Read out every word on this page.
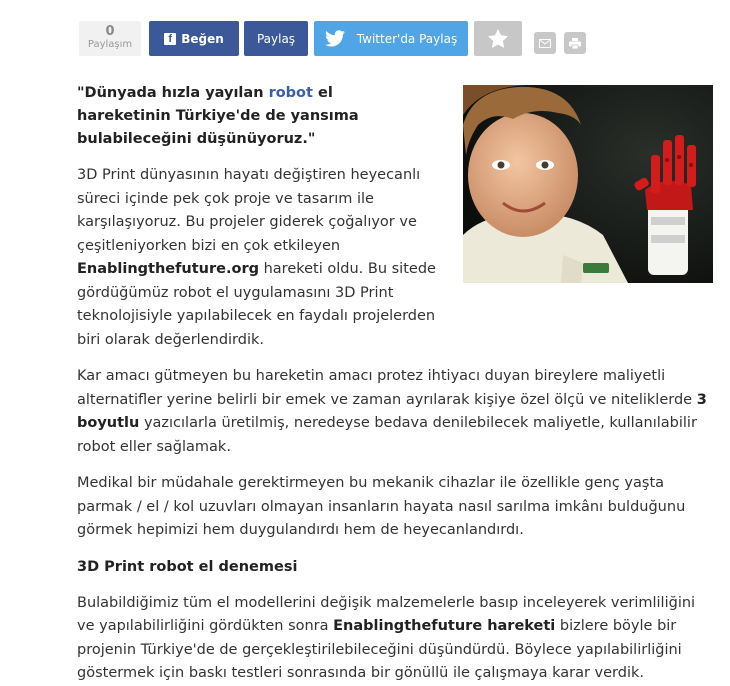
0
Paylaşım	f Beğen	Paylaş	Twitter'da Paylaş

"Dünyada hızla yayılan robot el hareketinin Türkiye'de de yansıma bulabileceğini düşünüyoruz."

3D Print dünyasının hayatı değiştiren heyecanlı süreci içinde pek çok proje ve tasarım ile karşılaşıyoruz. Bu projeler giderek çoğalıyor ve çeşitleniyorken bizi en çok etkileyen Enablingthefuture.org hareketi oldu. Bu sitede gördüğümüz robot el uygulamasını 3D Print teknolojisiyle yapılabilecek en faydalı projelerden biri olarak değerlendirdik.

Kar amacı gütmeyen bu hareketin amacı protez ihtiyacı duyan bireylere maliyetli alternatifler yerine belirli bir emek ve zaman ayrılarak kişiye özel ölçü ve niteliklerde 3 boyutlu yazıcılarla üretilmiş, neredeyse bedava denilebilecek maliyetle, kullanılabilir robot eller sağlamak.

Medikal bir müdahale gerektirmeyen bu mekanik cihazlar ile özellikle genç yaşta parmak / el / kol uzuvları olmayan insanların hayata nasıl sarılma imkânı bulduğunu görmek hepimizi hem duygulandırdı hem de heyecanlandırdı.

3D Print robot el denemesi

Bulabildiğimiz tüm el modellerini değişik malzemelerle basıp inceleyerek verimliliğini ve yapılabilirliğini gördükten sonra Enablingthefuture hareketi bizlere böyle bir projenin Türkiye'de de gerçekleştirilebileceğini düşündürdü. Böylece yapılabilirliğini göstermek için baskı testleri sonrasında bir gönüllü ile çalışmaya karar verdik.
